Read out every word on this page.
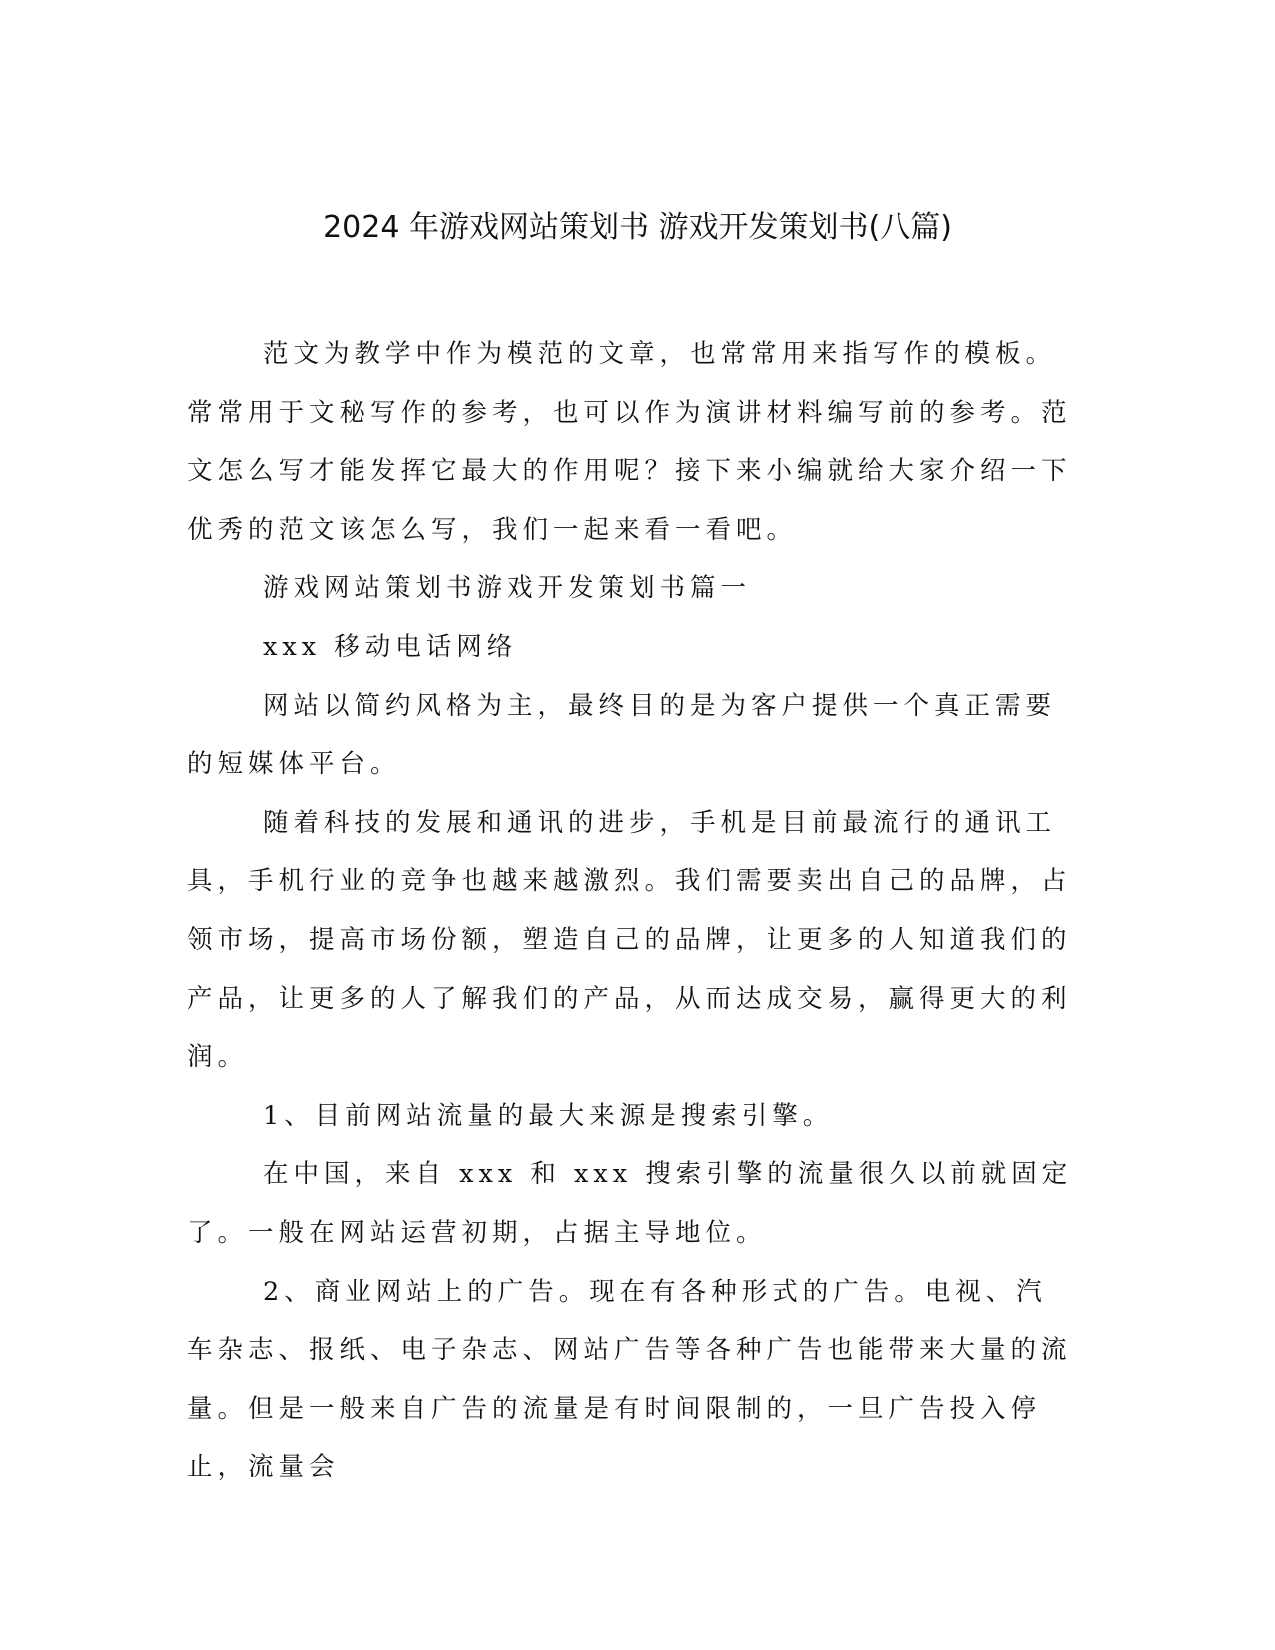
2024 年游戏网站策划书 游戏开发策划书(八篇)

范文为教学中作为模范的文章，也常常用来指写作的模板。常常用于文秘写作的参考，也可以作为演讲材料编写前的参考。范文怎么写才能发挥它最大的作用呢？接下来小编就给大家介绍一下优秀的范文该怎么写，我们一起来看一看吧。

游戏网站策划书游戏开发策划书篇一

xxx 移动电话网络

网站以简约风格为主，最终目的是为客户提供一个真正需要的短媒体平台。

随着科技的发展和通讯的进步，手机是目前最流行的通讯工具，手机行业的竞争也越来越激烈。我们需要卖出自己的品牌，占领市场，提高市场份额，塑造自己的品牌，让更多的人知道我们的产品，让更多的人了解我们的产品，从而达成交易，赢得更大的利润。

1、目前网站流量的最大来源是搜索引擎。

在中国，来自 xxx 和 xxx 搜索引擎的流量很久以前就固定了。一般在网站运营初期，占据主导地位。

2、商业网站上的广告。现在有各种形式的广告。电视、汽车杂志、报纸、电子杂志、网站广告等各种广告也能带来大量的流量。但是一般来自广告的流量是有时间限制的，一旦广告投入停止，流量会
